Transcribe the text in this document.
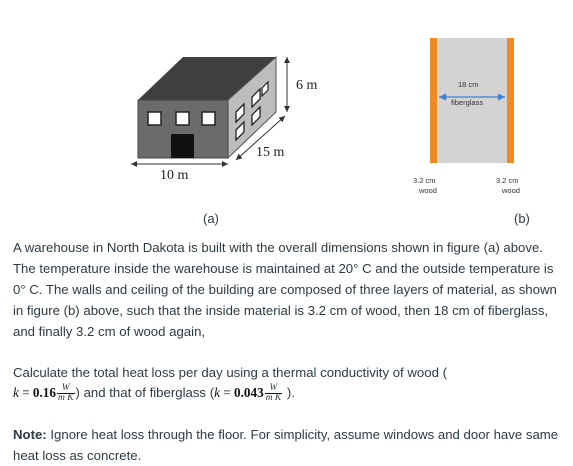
6 m
15 m
10 m
(a)
18 cm
fiberglass
3.2 cm
wood
3.2 cm
wood
(b)

A warehouse in North Dakota is built with the overall dimensions shown in figure (a) above. The temperature inside the warehouse is maintained at 20° C and the outside temperature is 0° C. The walls and ceiling of the building are composed of three layers of material, as shown in figure (b) above, such that the inside material is 3.2 cm of wood, then 18 cm of fiberglass, and finally 3.2 cm of wood again,

Calculate the total heat loss per day using a thermal conductivity of wood (
$k = 0.16 \frac{W}{\text{m K}}$ ) and that of fiberglass ($k = 0.043 \frac{W}{\text{m K}}$ ).
Note: Ignore heat loss through the floor. For simplicity, assume windows and door have same heat loss as concrete.
